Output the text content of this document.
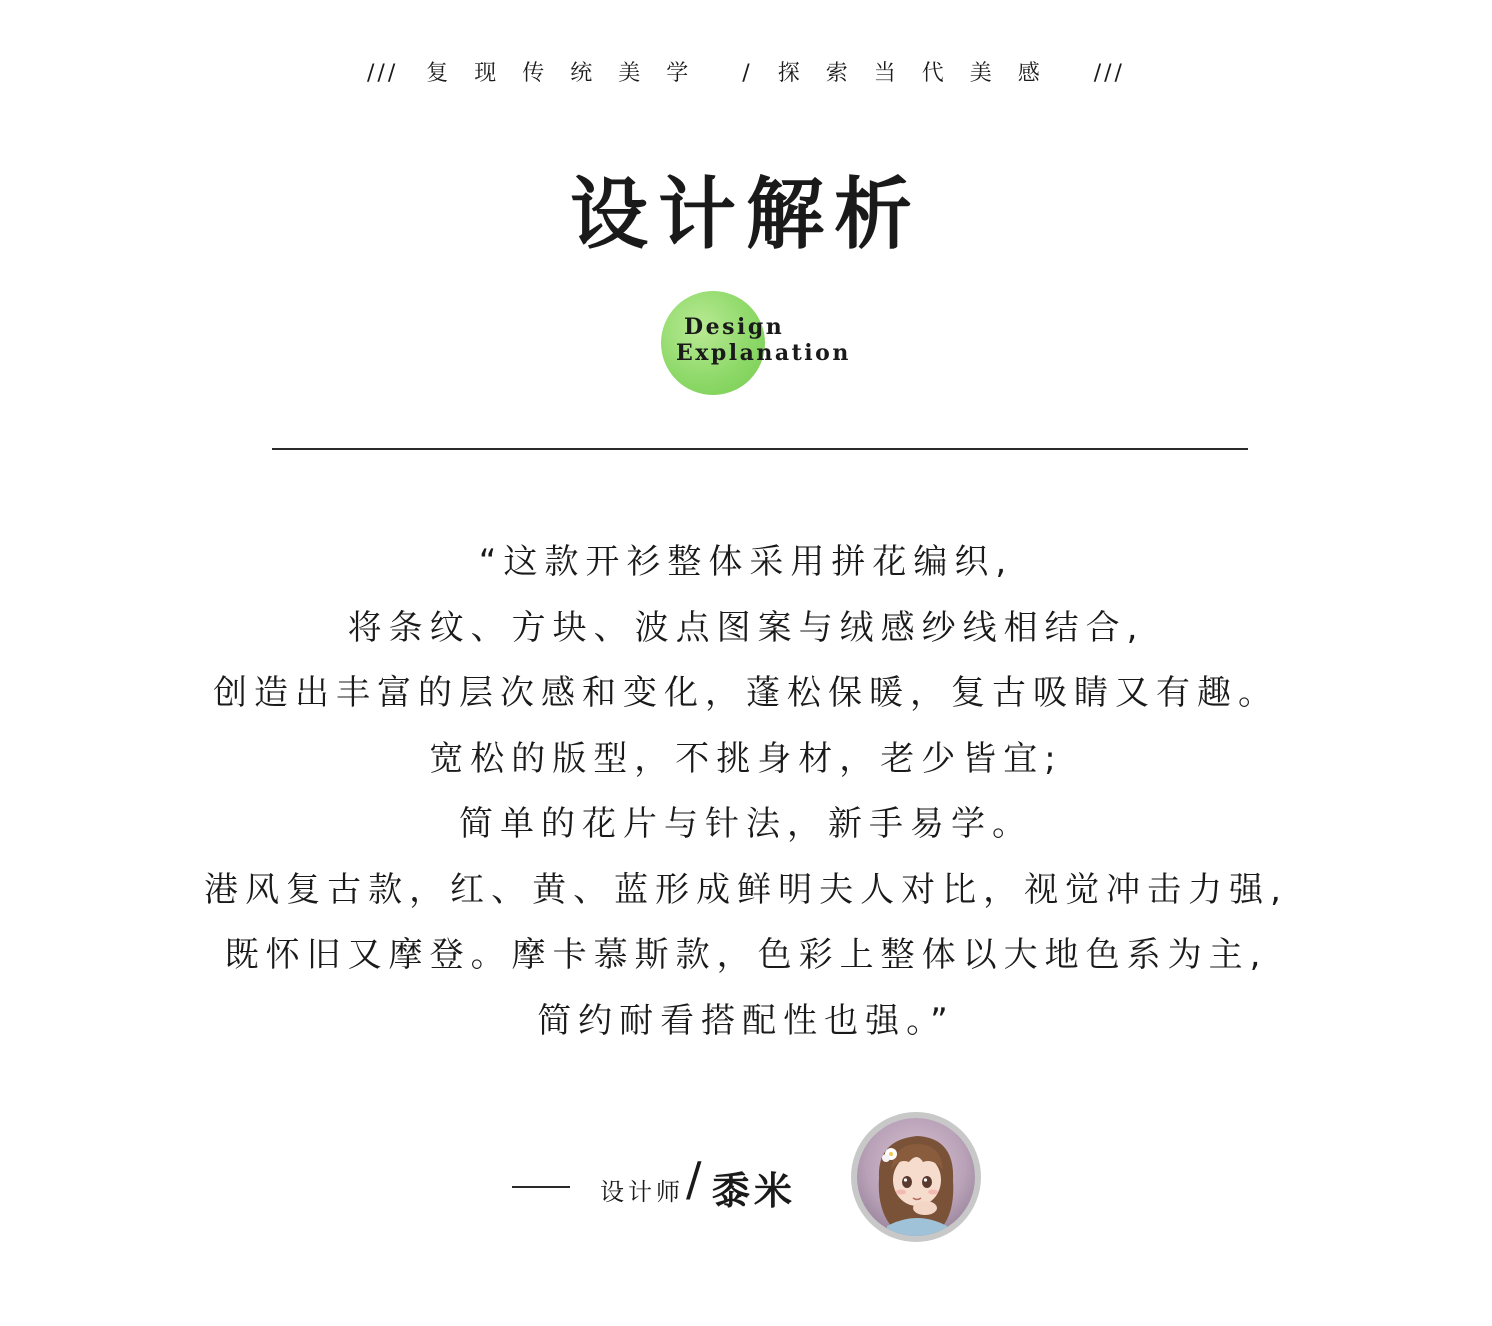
/// 复现传统美学 / 探索当代美感 ///
设计解析
Design
Explanation
“这款开衫整体采用拼花编织,
将条纹、方块、波点图案与绒感纱线相结合,
创造出丰富的层次感和变化，蓬松保暖，复古吸睛又有趣。
宽松的版型，不挑身材，老少皆宜;
简单的花片与针法，新手易学。
港风复古款，红、黄、蓝形成鲜明夫人对比，视觉冲击力强,
既怀旧又摩登。摩卡慕斯款，色彩上整体以大地色系为主,
简约耐看搭配性也强。”
设计师 / 黍米
